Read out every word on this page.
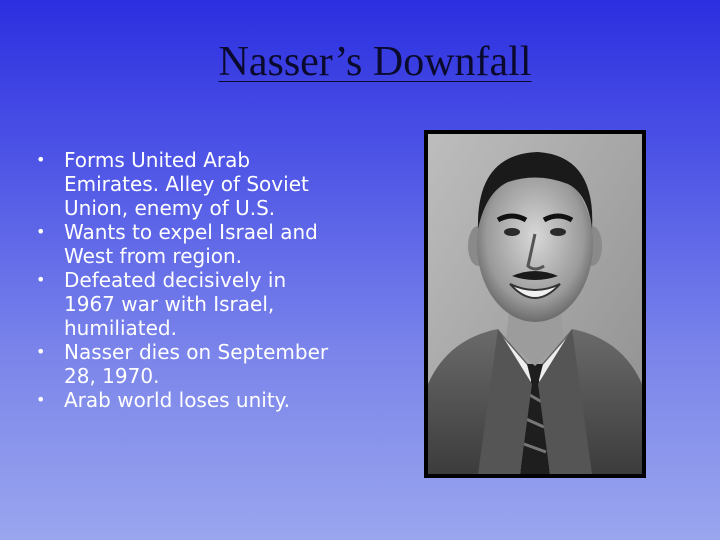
Nasser’s Downfall
• Forms United Arab Emirates. Alley of Soviet Union, enemy of U.S.
• Wants to expel Israel and West from region.
• Defeated decisively in 1967 war with Israel, humiliated.
• Nasser dies on September 28, 1970.
• Arab world loses unity.
